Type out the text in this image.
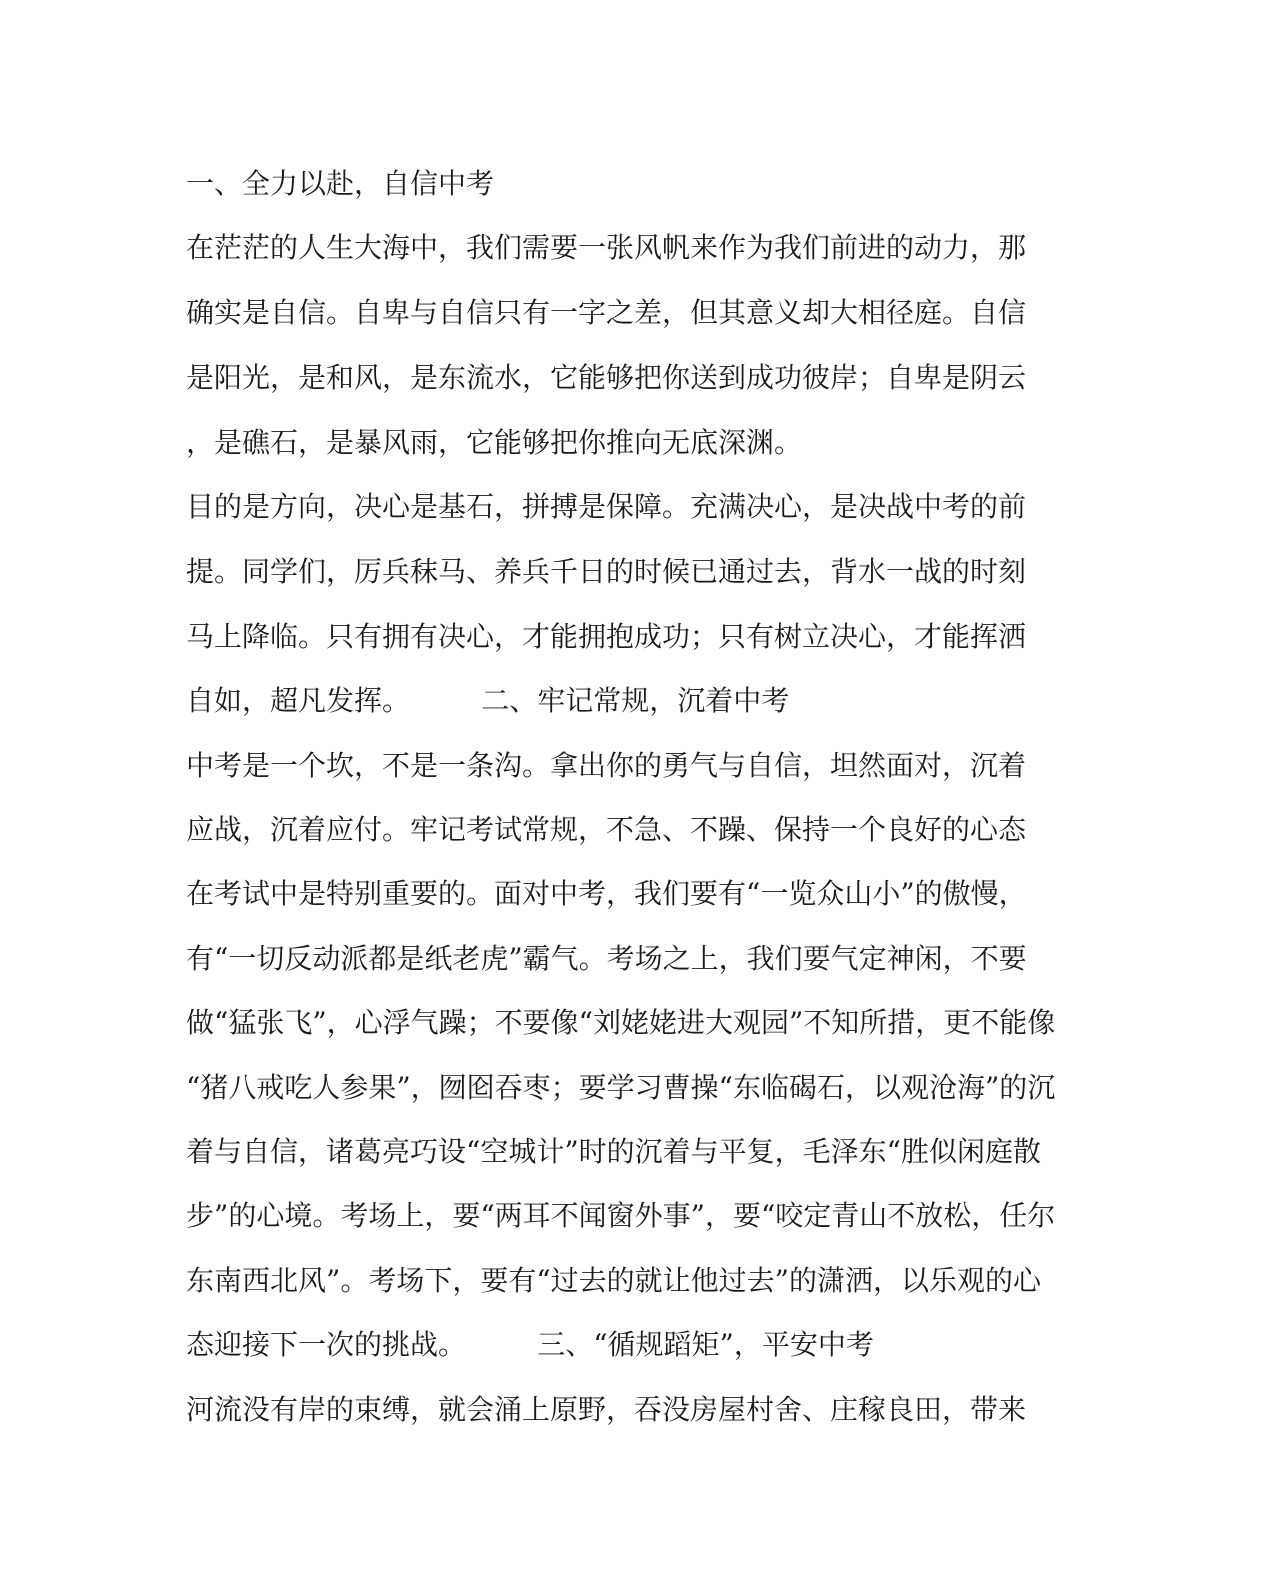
一、全力以赴，自信中考

在茫茫的人生大海中，我们需要一张风帆来作为我们前进的动力，那

确实是自信。自卑与自信只有一字之差，但其意义却大相径庭。自信

是阳光，是和风，是东流水，它能够把你送到成功彼岸；自卑是阴云

，是礁石，是暴风雨，它能够把你推向无底深渊。

目的是方向，决心是基石，拼搏是保障。充满决心，是决战中考的前

提。同学们，厉兵秣马、养兵千日的时候已通过去，背水一战的时刻

马上降临。只有拥有决心，才能拥抱成功；只有树立决心，才能挥洒

自如，超凡发挥。        二、牢记常规，沉着中考

中考是一个坎，不是一条沟。拿出你的勇气与自信，坦然面对，沉着

应战，沉着应付。牢记考试常规，不急、不躁、保持一个良好的心态

在考试中是特别重要的。面对中考，我们要有“一览众山小”的傲慢，

有“一切反动派都是纸老虎”霸气。考场之上，我们要气定神闲，不要

做“猛张飞”，心浮气躁；不要像“刘姥姥进大观园”不知所措，更不能像

“猪八戒吃人参果”，囫囵吞枣；要学习曹操“东临碣石，以观沧海”的沉

着与自信，诸葛亮巧设“空城计”时的沉着与平复，毛泽东“胜似闲庭散

步”的心境。考场上，要“两耳不闻窗外事”，要“咬定青山不放松，任尔

东南西北风”。考场下，要有“过去的就让他过去”的潇洒，以乐观的心

态迎接下一次的挑战。        三、“循规蹈矩”，平安中考

河流没有岸的束缚，就会涌上原野，吞没房屋村舍、庄稼良田，带来
